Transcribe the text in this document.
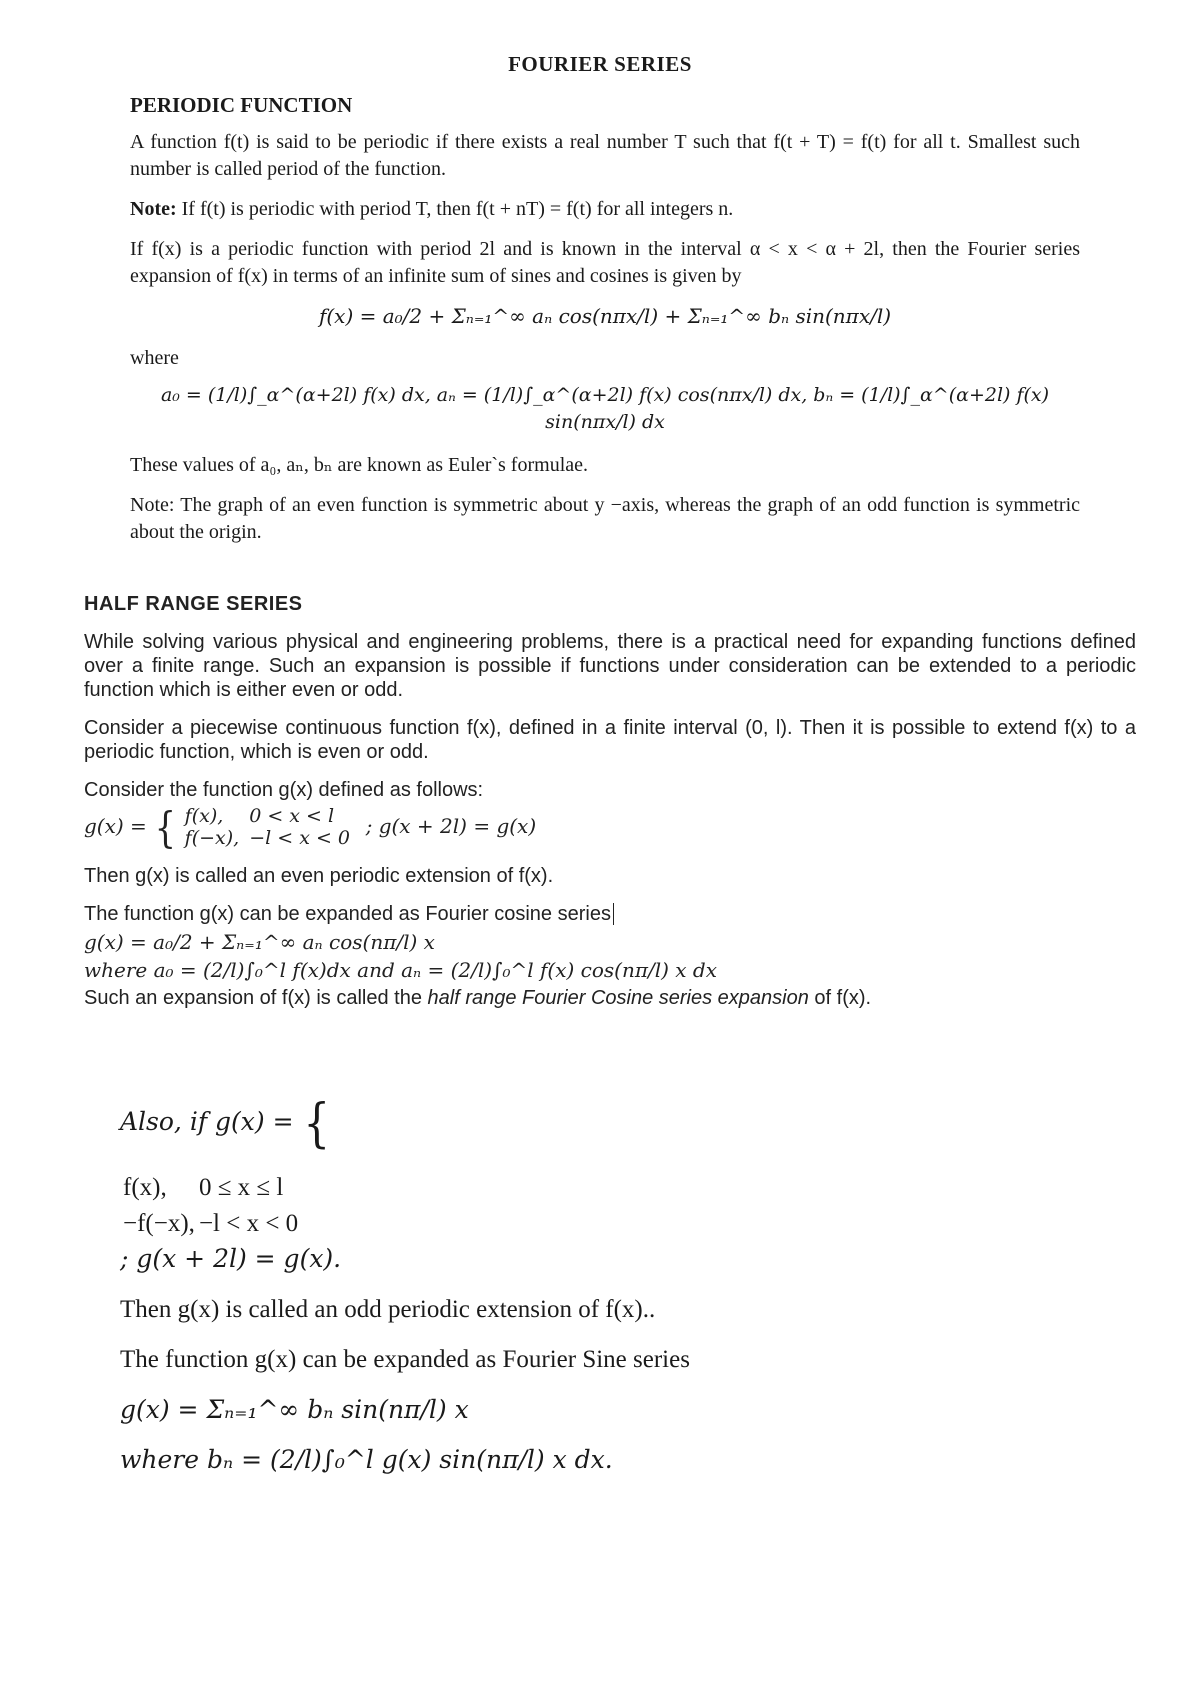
FOURIER SERIES
PERIODIC FUNCTION

A function f(t) is said to be periodic if there exists a real number T such that f(t + T) = f(t) for all t. Smallest such number is called period of the function.

Note: If f(t) is periodic with period T, then f(t + nT) = f(t) for all integers n.

If f(x) is a periodic function with period 2l and is known in the interval α < x < α + 2l, then the Fourier series expansion of f(x) in terms of an infinite sum of sines and cosines is given by

f(x) = a₀/2 + Σₙ₌₁^∞ aₙ cos(nπx/l) + Σₙ₌₁^∞ bₙ sin(nπx/l)

where

a₀ = (1/l)∫_α^(α+2l) f(x) dx, aₙ = (1/l)∫_α^(α+2l) f(x) cos(nπx/l) dx, bₙ = (1/l)∫_α^(α+2l) f(x) sin(nπx/l) dx

These values of a₀, aₙ, bₙ are known as Euler`s formulae.

Note: The graph of an even function is symmetric about y −axis, whereas the graph of an odd function is symmetric about the origin.

HALF RANGE SERIES

While solving various physical and engineering problems, there is a practical need for expanding functions defined over a finite range. Such an expansion is possible if functions under consideration can be extended to a periodic function which is either even or odd.

Consider a piecewise continuous function f(x), defined in a finite interval (0, l). Then it is possible to extend f(x) to a periodic function, which is even or odd.

Consider the function g(x) defined as follows:

g(x) = { f(x),	0 < x < l
f(−x),	−l < x < 0 ; g(x + 2l) = g(x)

Then g(x) is called an even periodic extension of f(x).

The function g(x) can be expanded as Fourier cosine series

g(x) = a₀/2 + Σₙ₌₁^∞ aₙ cos(nπ/l) x
where a₀ = (2/l)∫₀^l f(x)dx and aₙ = (2/l)∫₀^l f(x) cos(nπ/l) x dx

Such an expansion of f(x) is called the half range Fourier Cosine series expansion of f(x).

Also, if g(x) = {

f(x),	0 ≤ x ≤ l
−f(−x),	−l < x < 0
; g(x + 2l) = g(x).

Then g(x) is called an odd periodic extension of f(x)..

The function g(x) can be expanded as Fourier Sine series

g(x) = Σₙ₌₁^∞ bₙ sin(nπ/l) x

where bₙ = (2/l)∫₀^l g(x) sin(nπ/l) x dx.
